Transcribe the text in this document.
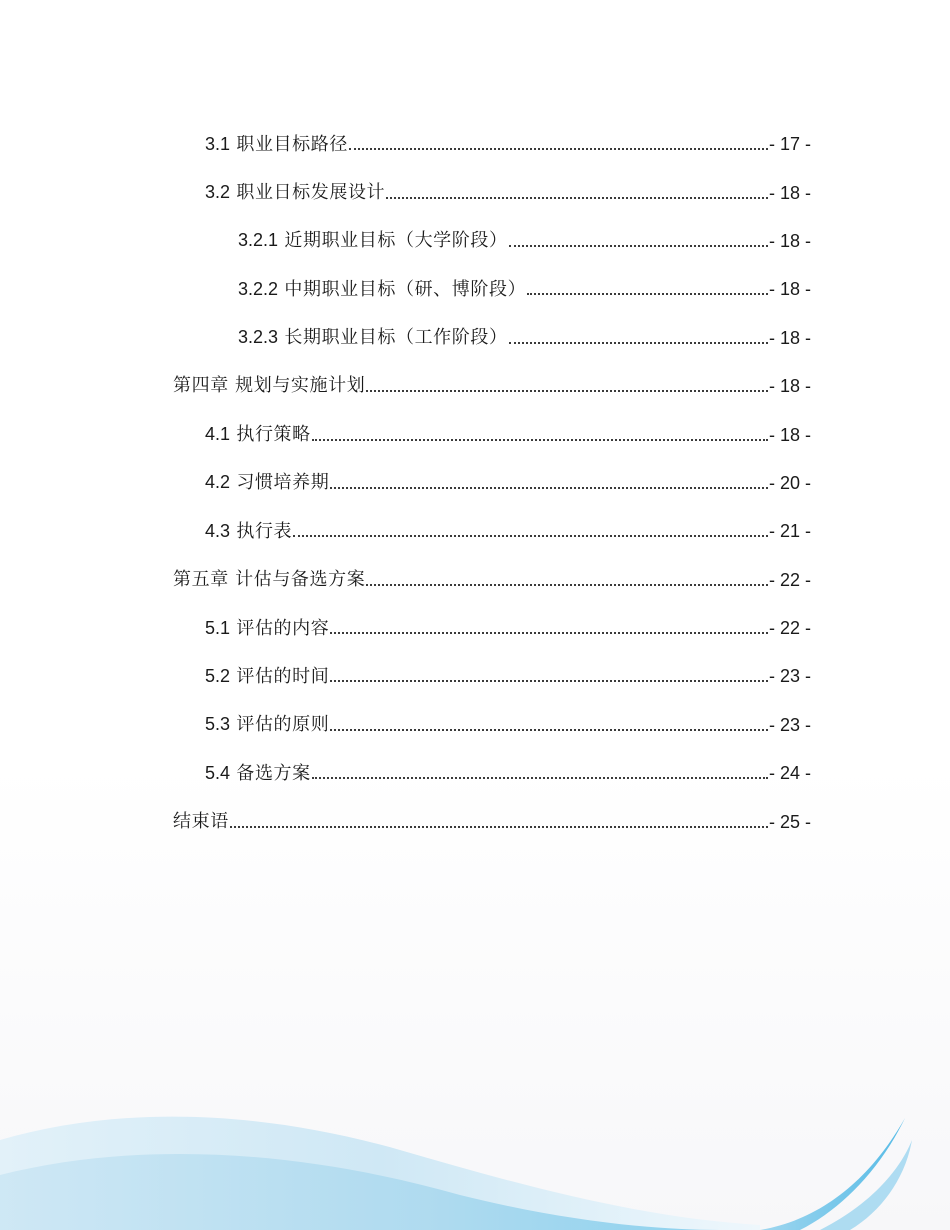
3.1 职业目标路径	- 17 -
3.2 职业日标发展设计	- 18 -
3.2.1 近期职业目标（大学阶段）	- 18 -
3.2.2 中期职业目标（研、博阶段）	- 18 -
3.2.3 长期职业目标（工作阶段）	- 18 -
第四章 规划与实施计划	- 18 -
4.1 执行策略	- 18 -
4.2 习惯培养期	- 20 -
4.3 执行表	- 21 -
第五章 计估与备选方案	- 22 -
5.1 评估的内容	- 22 -
5.2 评估的时间	- 23 -
5.3 评估的原则	- 23 -
5.4 备选方案	- 24 -
结束语	- 25 -
